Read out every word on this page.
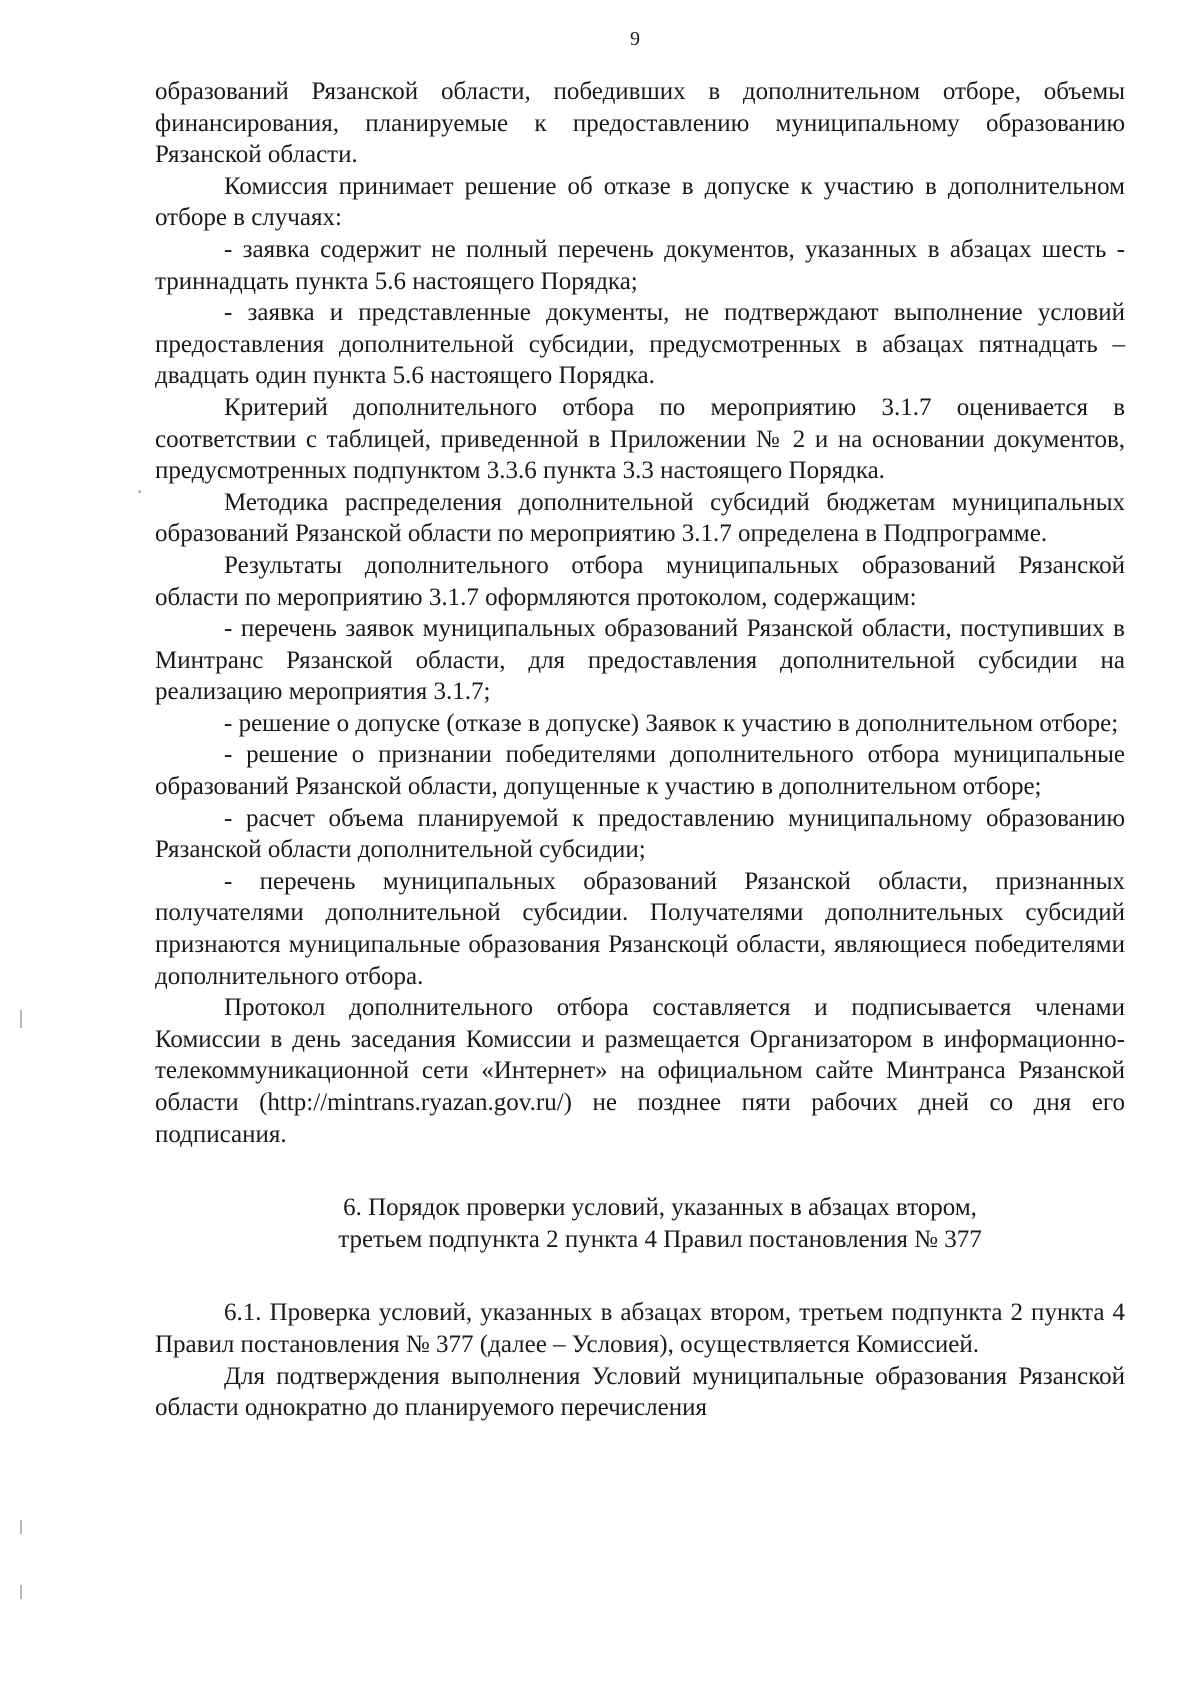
9

образований Рязанской области, победивших в дополнительном отборе, объемы финансирования, планируемые к предоставлению муниципальному образованию Рязанской области.

Комиссия принимает решение об отказе в допуске к участию в дополнительном отборе в случаях:

- заявка содержит не полный перечень документов, указанных в абзацах шесть - триннадцать пункта 5.6 настоящего Порядка;

- заявка и представленные документы, не подтверждают выполнение условий предоставления дополнительной субсидии, предусмотренных в абзацах пятнадцать – двадцать один пункта 5.6 настоящего Порядка.

Критерий дополнительного отбора по мероприятию 3.1.7 оценивается в соответствии с таблицей, приведенной в Приложении № 2 и на основании документов, предусмотренных подпунктом 3.3.6 пункта 3.3 настоящего Порядка.

Методика распределения дополнительной субсидий бюджетам муниципальных образований Рязанской области по мероприятию 3.1.7 определена в Подпрограмме.

Результаты дополнительного отбора муниципальных образований Рязанской области по мероприятию 3.1.7 оформляются протоколом, содержащим:

- перечень заявок муниципальных образований Рязанской области, поступивших в Минтранс Рязанской области, для предоставления дополнительной субсидии на реализацию мероприятия 3.1.7;

- решение о допуске (отказе в допуске) Заявок к участию в дополнительном отборе;

- решение о признании победителями дополнительного отбора муниципальные образований Рязанской области, допущенные к участию в дополнительном отборе;

- расчет объема планируемой к предоставлению муниципальному образованию Рязанской области дополнительной субсидии;

- перечень муниципальных образований Рязанской области, признанных получателями дополнительной субсидии. Получателями дополнительных субсидий признаются муниципальные образования Рязанскоцй области, являющиеся победителями дополнительного отбора.

Протокол дополнительного отбора составляется и подписывается членами Комиссии в день заседания Комиссии и размещается Организатором в информационно-телекоммуникационной сети «Интернет» на официальном сайте Минтранса Рязанской области (http://mintrans.ryazan.gov.ru/) не позднее пяти рабочих дней со дня его подписания.

6. Порядок проверки условий, указанных в абзацах втором,
третьем подпункта 2 пункта 4 Правил постановления № 377

6.1. Проверка условий, указанных в абзацах втором, третьем подпункта 2 пункта 4 Правил постановления № 377 (далее – Условия), осуществляется Комиссией.

Для подтверждения выполнения Условий муниципальные образования Рязанской области однократно до планируемого перечисления
